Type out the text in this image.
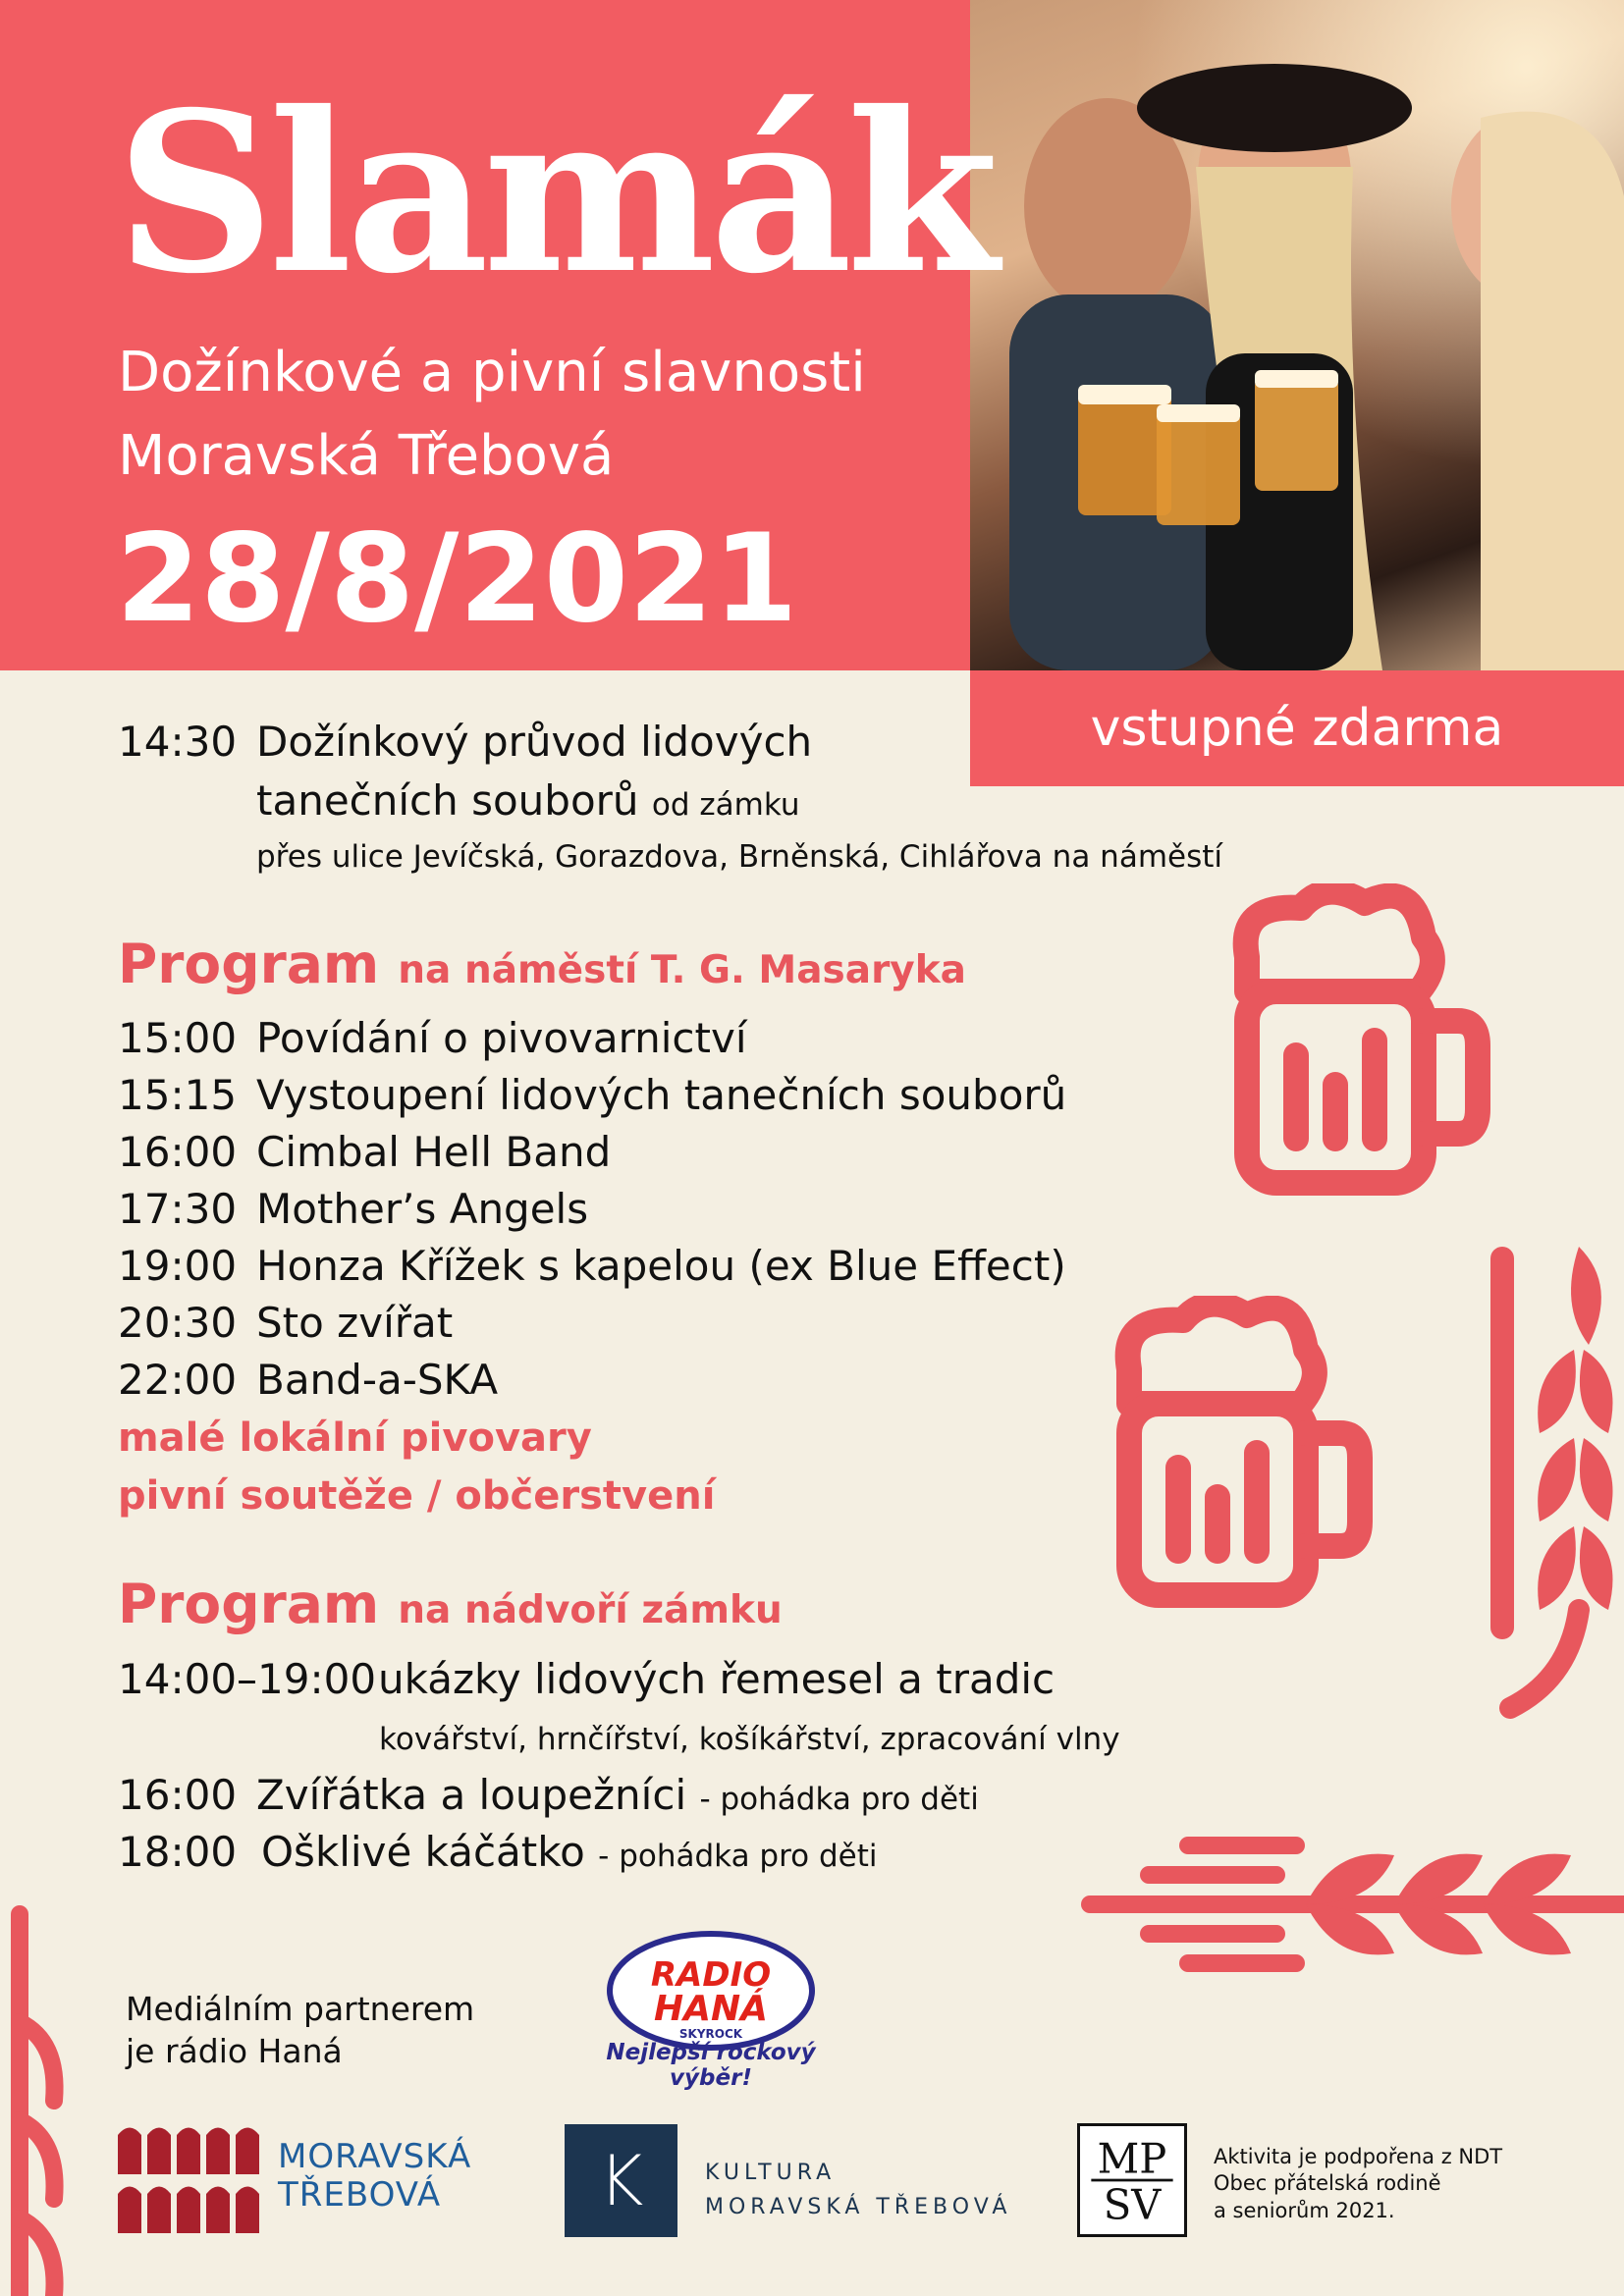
Slamák
Dožínkové a pivní slavnosti
Moravská Třebová
28/8/2021
vstupné zdarma
14:30 Dožínkový průvod lidových
tanečních souborů od zámku
přes ulice Jevíčská, Gorazdova, Brněnská, Cihlářova na náměstí
Program na náměstí T. G. Masaryka
15:00 Povídání o pivovarnictví
15:15 Vystoupení lidových tanečních souborů
16:00 Cimbal Hell Band
17:30 Mother’s Angels
19:00 Honza Křížek s kapelou (ex Blue Effect)
20:30 Sto zvířat
22:00 Band-a-SKA
malé lokální pivovary
pivní soutěže / občerstvení
Program na nádvoří zámku
14:00–19:00 ukázky lidových řemesel a tradic
kovářství, hrnčířství, košíkářství, zpracování vlny
16:00 Zvířátka a loupežníci - pohádka pro děti
18:00 Ošklivé káčátko - pohádka pro děti
Mediálním partnerem
je rádio Haná
RADIO
HANÁ
SKYROCK
Nejlepší rockový výběr!
MORAVSKÁ
TŘEBOVÁ	K	KULTURA
MORAVSKÁ TŘEBOVÁ
MP
SV
Aktivita je podpořena z NDT
Obec přátelská rodině
a seniorům 2021.
